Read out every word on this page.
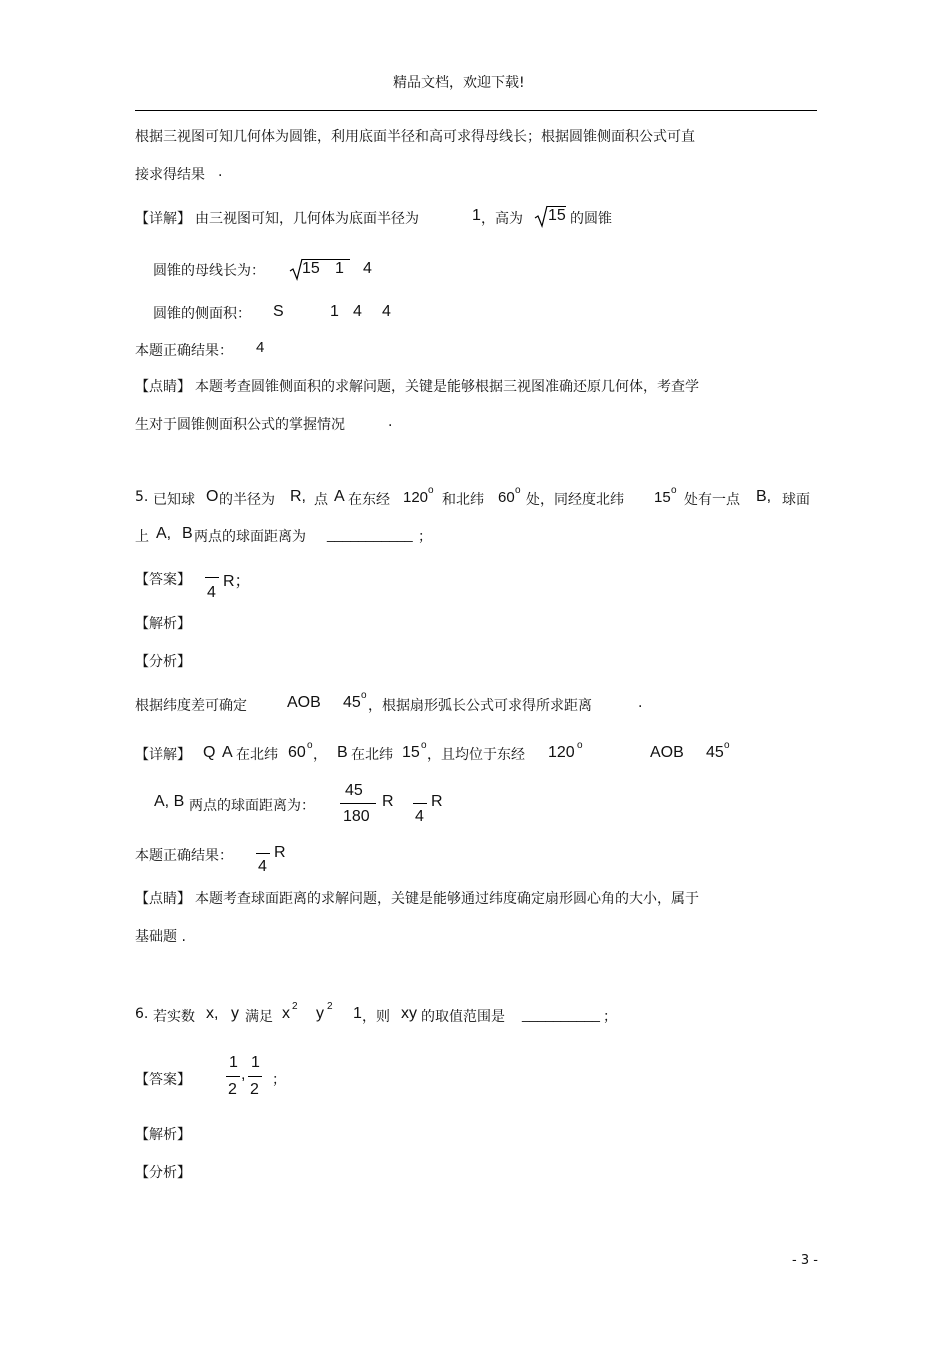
精品文档，欢迎下载!
根据三视图可知几何体为圆锥，利用底面半径和高可求得母线长；根据圆锥侧面积公式可直
接求得结果 .
【详解】 由三视图可知，几何体为底面半径为	1 ，高为 15 的圆锥
圆锥的母线长为： 15 1 4
圆锥的侧面积： S	1 4 4
本题正确结果： 4
【点睛】 本题考查圆锥侧面积的求解问题，关键是能够根据三视图准确还原几何体，考查学
生对于圆锥侧面积公式的掌握情况	.
5. 已知球 O 的半径为 R, 点 A 在东经 120 o
和北纬 60 o
处，同经度北纬 15 o
处有一点 B, 球面
上 A, B 两点的球面距离为 ___________ ；
【答案】
4
R；
【解析】
【分析】
根据纬度差可确定	AOB 45 o
，根据扇形弧长公式可求得所求距离	.
【详解】 Q A 在北纬 60 o
， B 在北纬 15 o
，且均位于东经 120 o	AOB 45 o
A, B 两点的球面距离为：
45
180
R
4
R
本题正确结果：
4
R
【点睛】 本题考查球面距离的求解问题，关键是能够通过纬度确定扇形圆心角的大小，属于
基础题 .
6. 若实数 x, y 满足 x 2 y 2 1 ，则 xy 的取值范围是 __________ ；
【答案】
1
2
,
1
2
；
【解析】
【分析】
- 3 -
